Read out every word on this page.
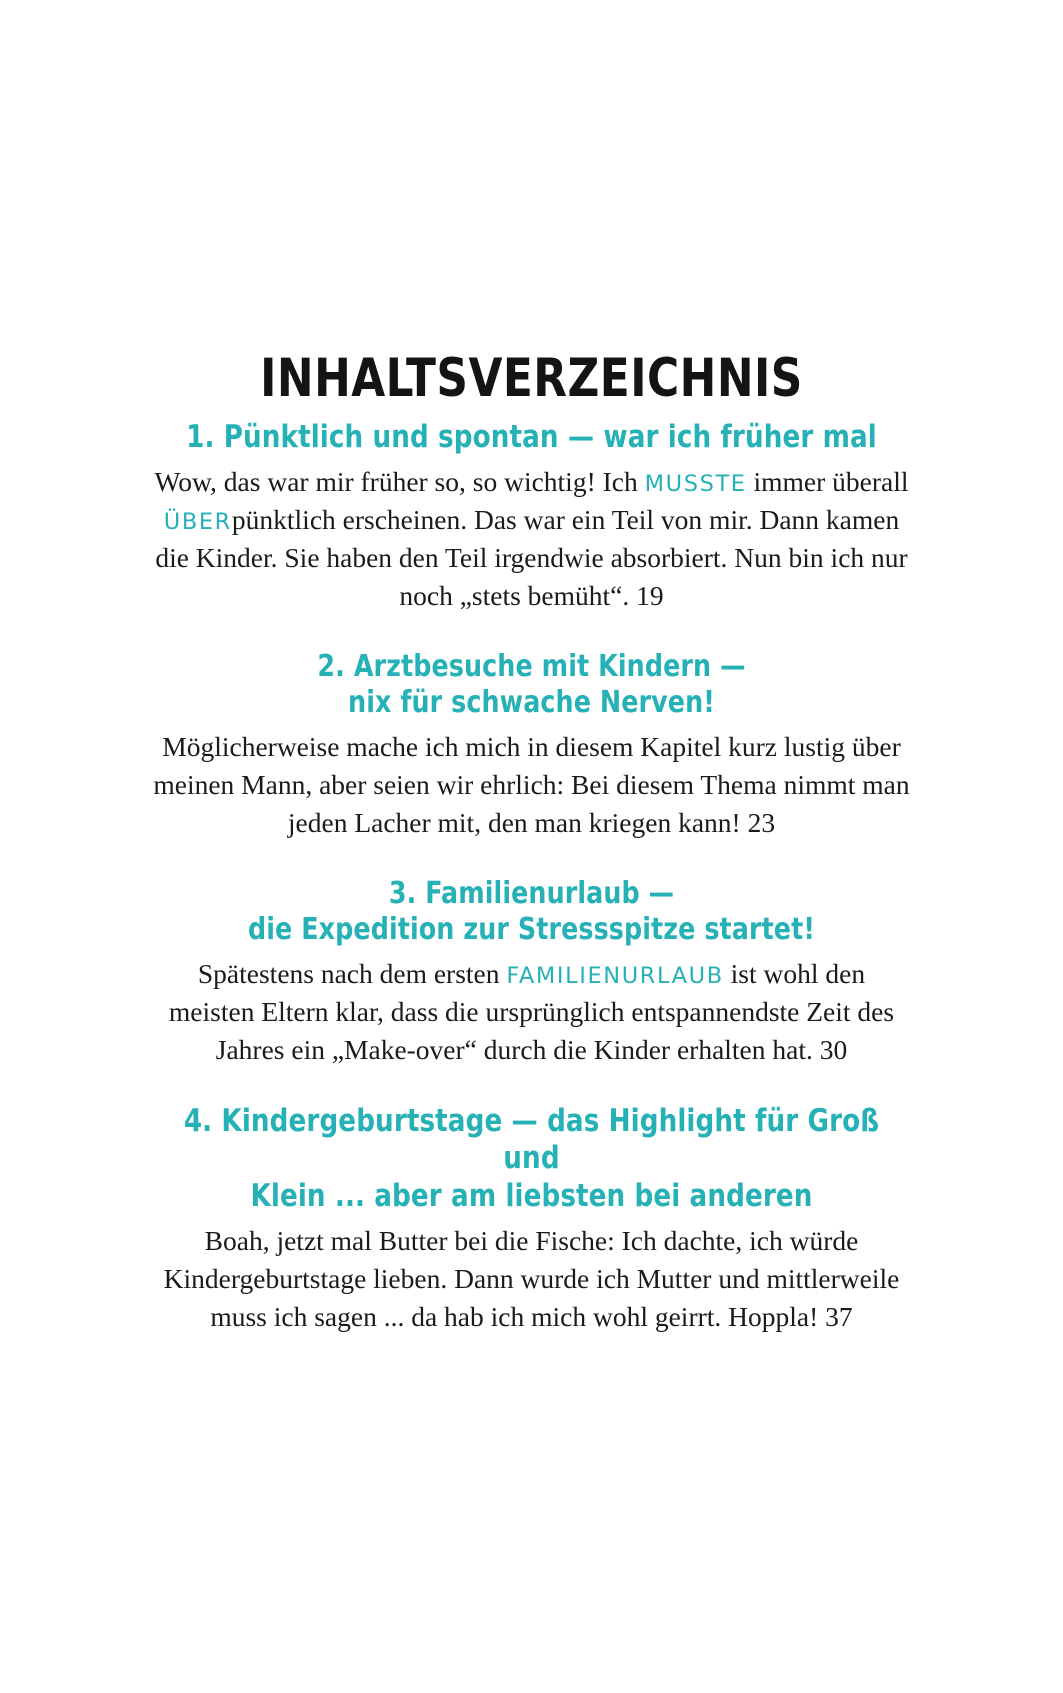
INHALTSVERZEICHNIS
1. Pünktlich und spontan — war ich früher mal

Wow, das war mir früher so, so wichtig! Ich MUSSTE immer überall ÜBERpünktlich erscheinen. Das war ein Teil von mir. Dann kamen die Kinder. Sie haben den Teil irgendwie absorbiert. Nun bin ich nur noch „stets bemüht“. 19

2. Arztbesuche mit Kindern —
nix für schwache Nerven!

Möglicherweise mache ich mich in diesem Kapitel kurz lustig über meinen Mann, aber seien wir ehrlich: Bei diesem Thema nimmt man jeden Lacher mit, den man kriegen kann! 23

3. Familienurlaub —
die Expedition zur Stressspitze startet!

Spätestens nach dem ersten FAMILIENURLAUB ist wohl den meisten Eltern klar, dass die ursprünglich entspannendste Zeit des Jahres ein „Make-over“ durch die Kinder erhalten hat. 30

4. Kindergeburtstage — das Highlight für Groß und
Klein ... aber am liebsten bei anderen

Boah, jetzt mal Butter bei die Fische: Ich dachte, ich würde Kindergeburtstage lieben. Dann wurde ich Mutter und mittlerweile muss ich sagen ... da hab ich mich wohl geirrt. Hoppla! 37
